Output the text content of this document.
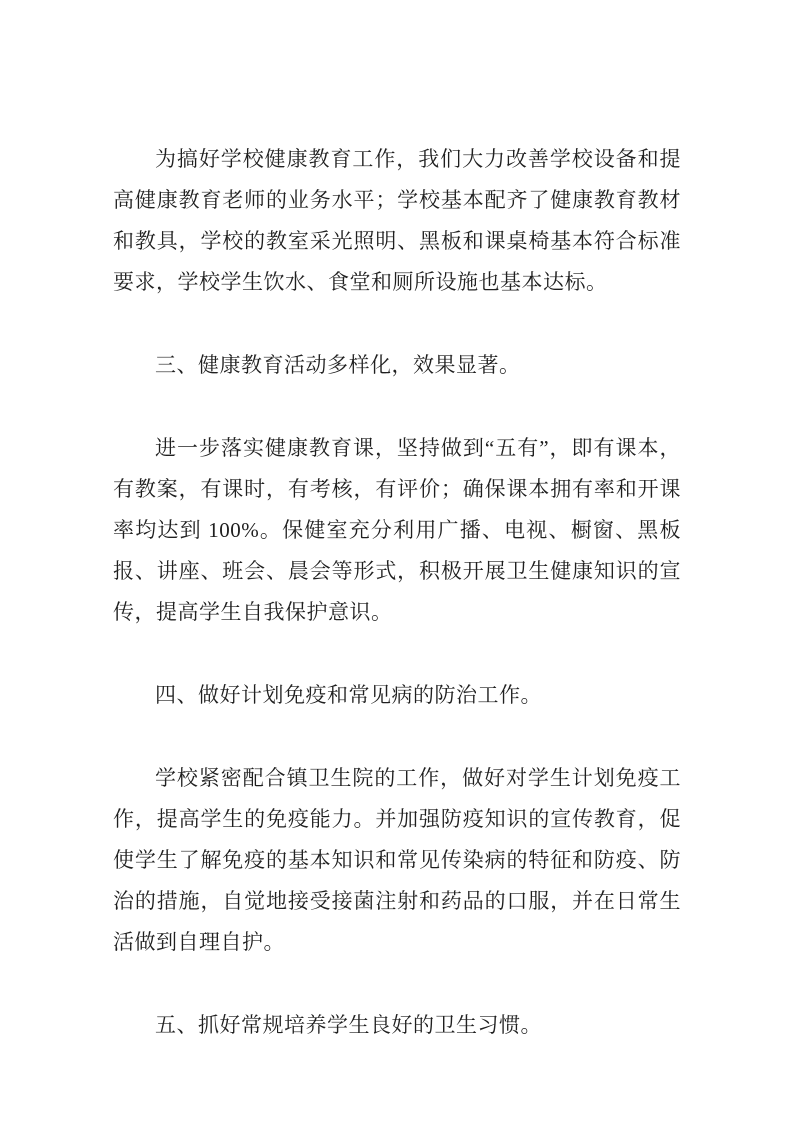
为搞好学校健康教育工作，我们大力改善学校设备和提高健康教育老师的业务水平；学校基本配齐了健康教育教材和教具，学校的教室采光照明、黑板和课桌椅基本符合标准要求，学校学生饮水、食堂和厕所设施也基本达标。

三、健康教育活动多样化，效果显著。

进一步落实健康教育课，坚持做到“五有”，即有课本，有教案，有课时，有考核，有评价；确保课本拥有率和开课率均达到 100%。保健室充分利用广播、电视、橱窗、黑板报、讲座、班会、晨会等形式，积极开展卫生健康知识的宣传，提高学生自我保护意识。

四、做好计划免疫和常见病的防治工作。

学校紧密配合镇卫生院的工作，做好对学生计划免疫工作，提高学生的免疫能力。并加强防疫知识的宣传教育，促使学生了解免疫的基本知识和常见传染病的特征和防疫、防治的措施，自觉地接受接菌注射和药品的口服，并在日常生活做到自理自护。

五、抓好常规培养学生良好的卫生习惯。
